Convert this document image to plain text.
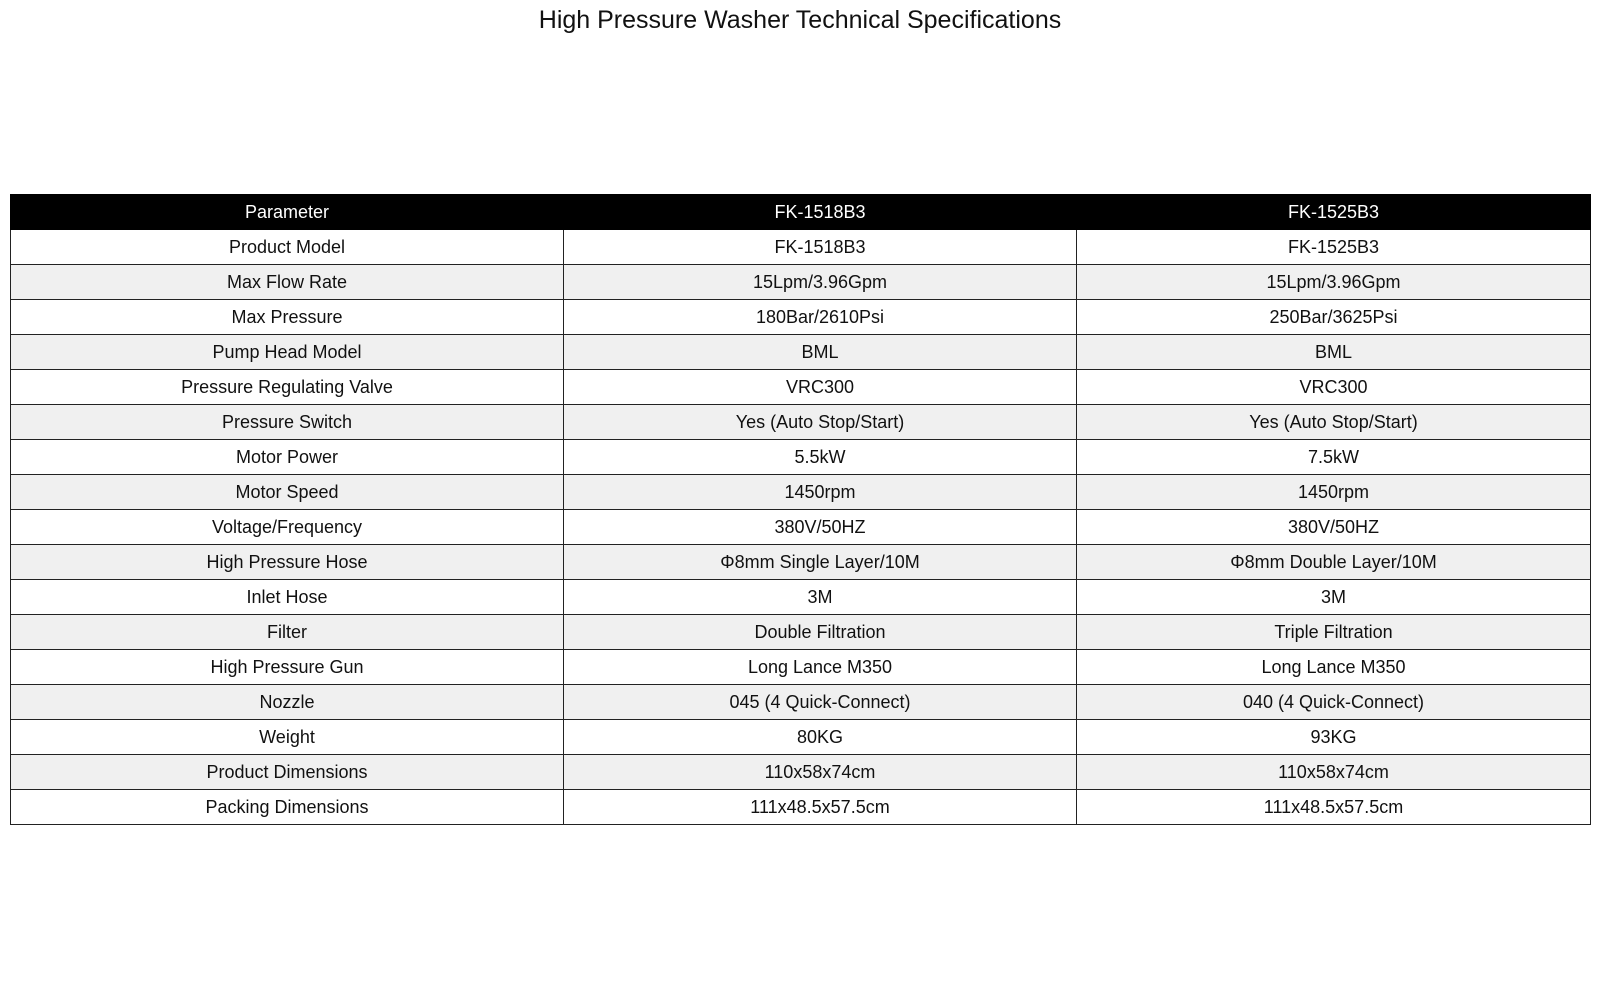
High Pressure Washer Technical Specifications
Parameter	FK-1518B3	FK-1525B3
Product Model	FK-1518B3	FK-1525B3
Max Flow Rate	15Lpm/3.96Gpm	15Lpm/3.96Gpm
Max Pressure	180Bar/2610Psi	250Bar/3625Psi
Pump Head Model	BML	BML
Pressure Regulating Valve	VRC300	VRC300
Pressure Switch	Yes (Auto Stop/Start)	Yes (Auto Stop/Start)
Motor Power	5.5kW	7.5kW
Motor Speed	1450rpm	1450rpm
Voltage/Frequency	380V/50HZ	380V/50HZ
High Pressure Hose	Φ8mm Single Layer/10M	Φ8mm Double Layer/10M
Inlet Hose	3M	3M
Filter	Double Filtration	Triple Filtration
High Pressure Gun	Long Lance M350	Long Lance M350
Nozzle	045 (4 Quick-Connect)	040 (4 Quick-Connect)
Weight	80KG	93KG
Product Dimensions	110x58x74cm	110x58x74cm
Packing Dimensions	111x48.5x57.5cm	111x48.5x57.5cm
